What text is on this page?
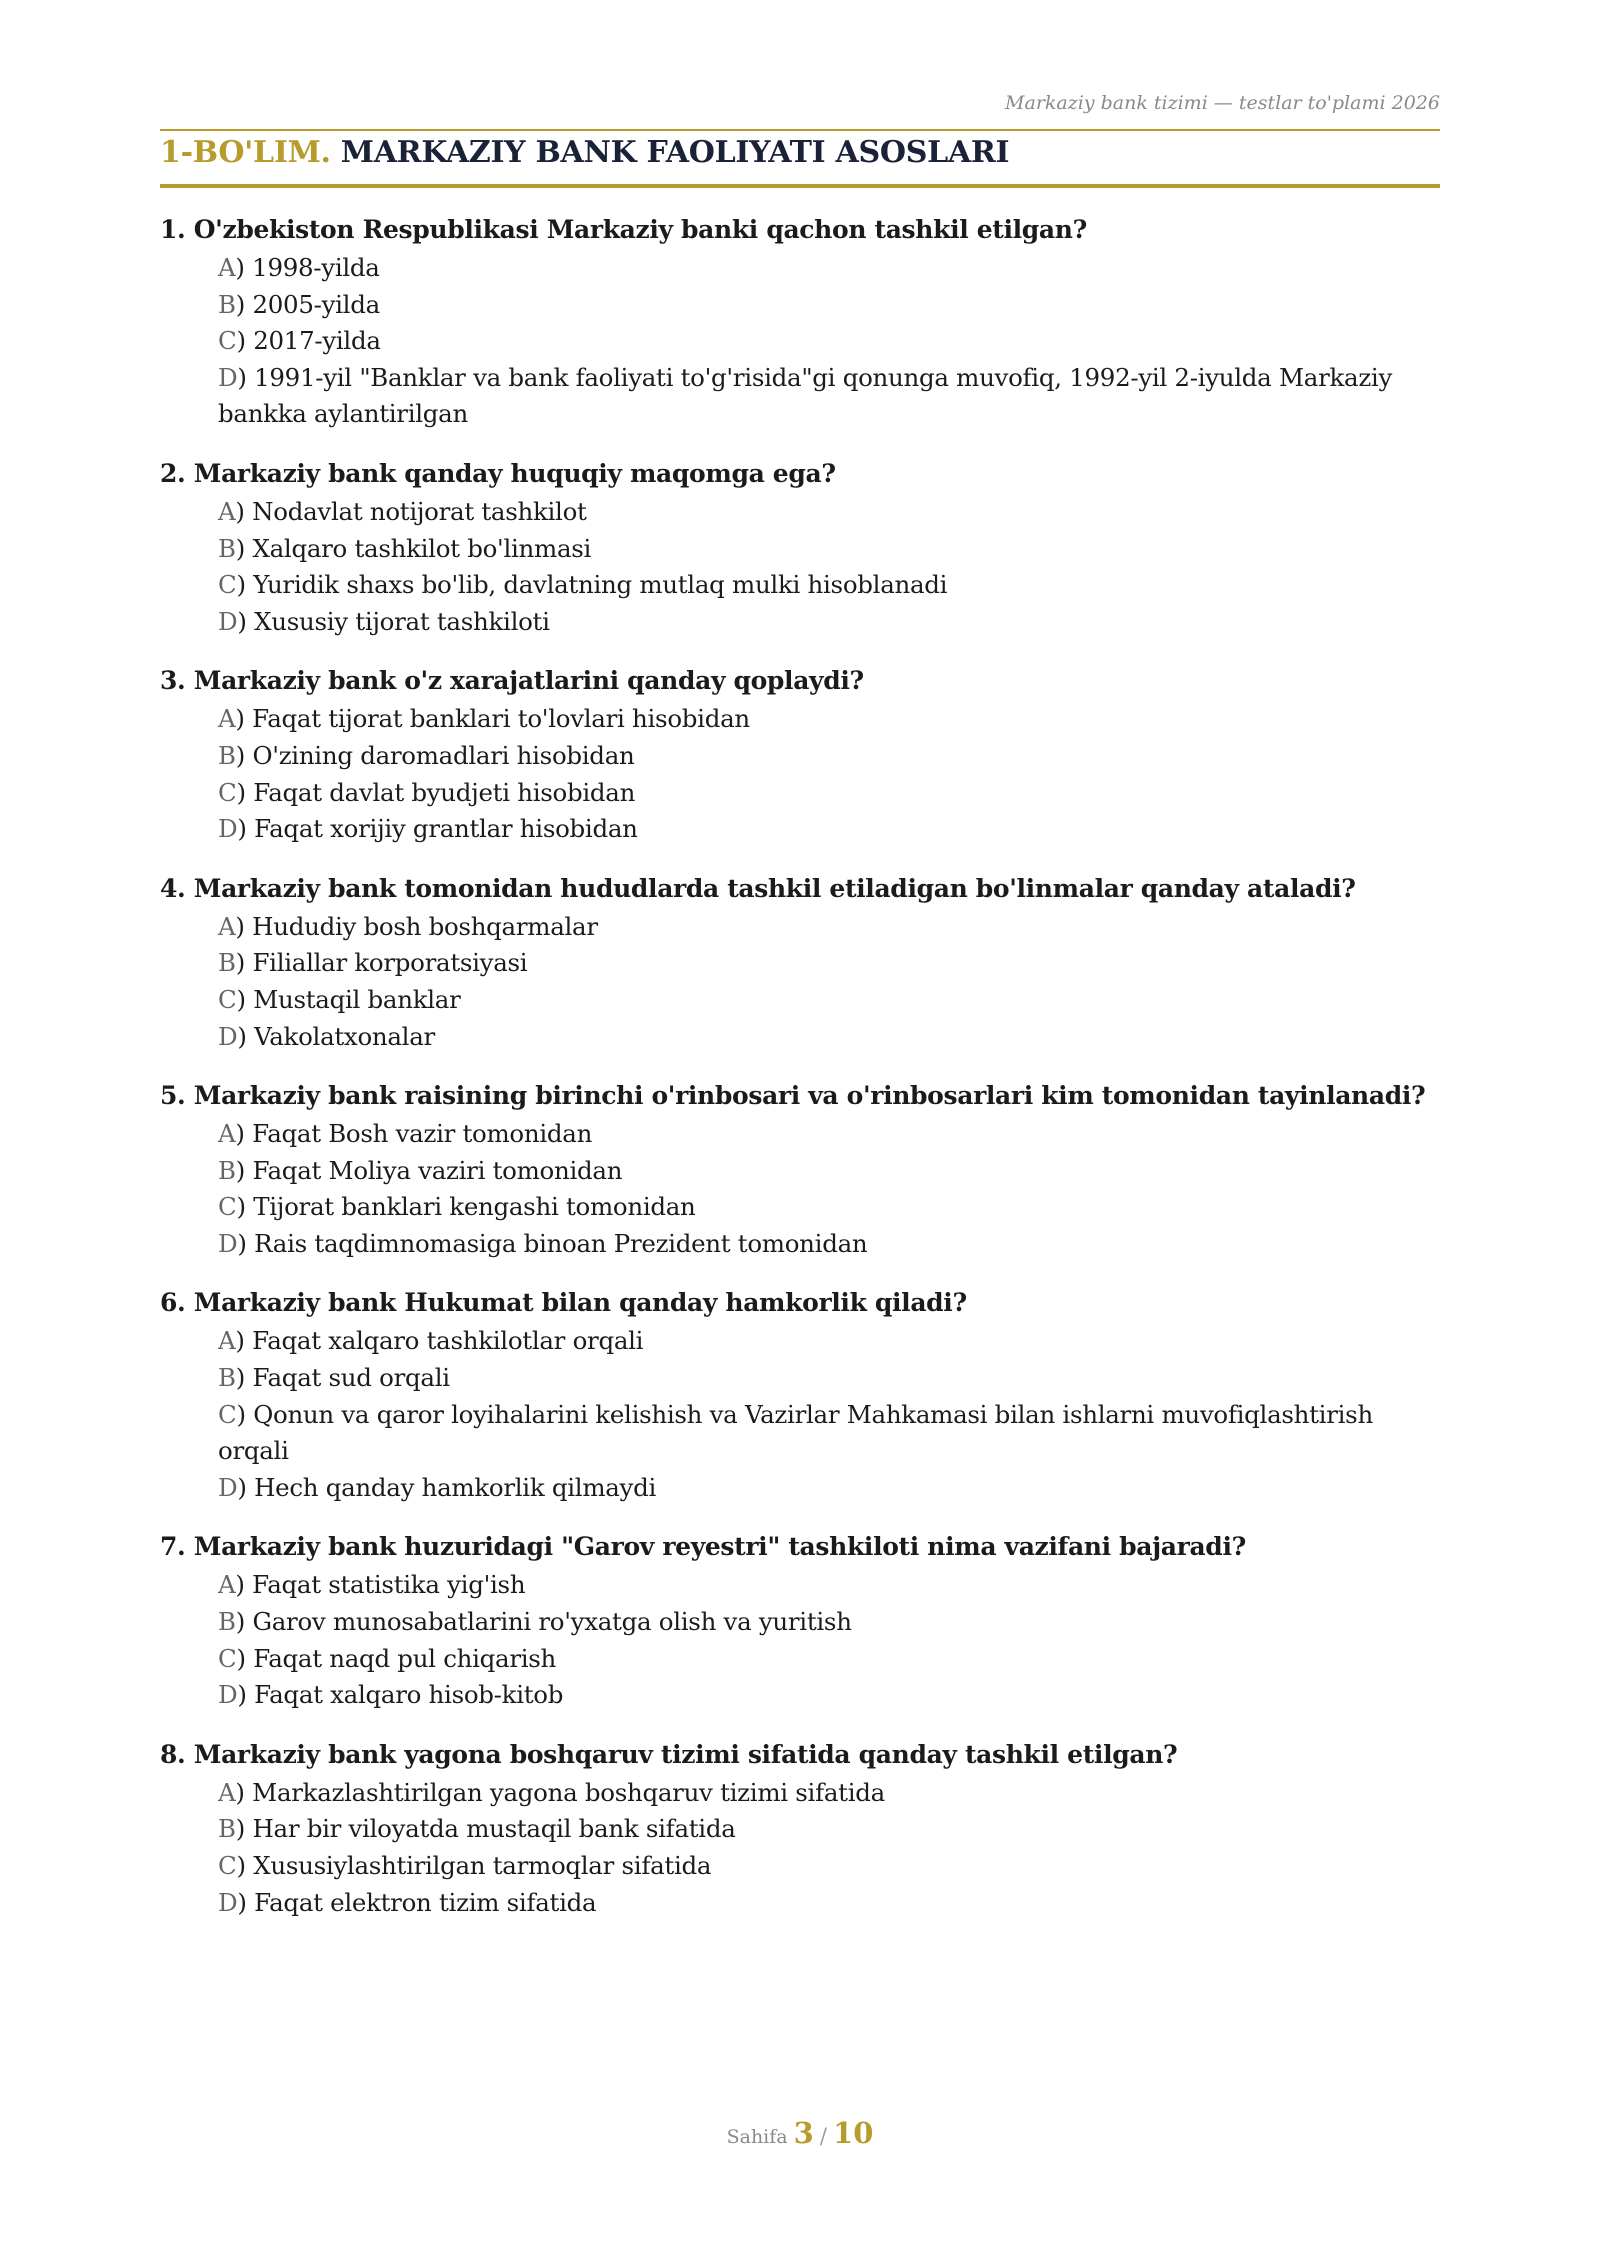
Markaziy bank tizimi — testlar to'plami 2026
1-BO'LIM. MARKAZIY BANK FAOLIYATI ASOSLARI
1. O'zbekiston Respublikasi Markaziy banki qachon tashkil etilgan?
A) 1998-yilda
B) 2005-yilda
C) 2017-yilda
D) 1991-yil "Banklar va bank faoliyati to'g'risida"gi qonunga muvofiq, 1992-yil 2-iyulda Markaziy bankka aylantirilgan
2. Markaziy bank qanday huquqiy maqomga ega?
A) Nodavlat notijorat tashkilot
B) Xalqaro tashkilot bo'linmasi
C) Yuridik shaxs bo'lib, davlatning mutlaq mulki hisoblanadi
D) Xususiy tijorat tashkiloti
3. Markaziy bank o'z xarajatlarini qanday qoplaydi?
A) Faqat tijorat banklari to'lovlari hisobidan
B) O'zining daromadlari hisobidan
C) Faqat davlat byudjeti hisobidan
D) Faqat xorijiy grantlar hisobidan
4. Markaziy bank tomonidan hududlarda tashkil etiladigan bo'linmalar qanday ataladi?
A) Hududiy bosh boshqarmalar
B) Filiallar korporatsiyasi
C) Mustaqil banklar
D) Vakolatxonalar
5. Markaziy bank raisining birinchi o'rinbosari va o'rinbosarlari kim tomonidan tayinlanadi?
A) Faqat Bosh vazir tomonidan
B) Faqat Moliya vaziri tomonidan
C) Tijorat banklari kengashi tomonidan
D) Rais taqdimnomasiga binoan Prezident tomonidan
6. Markaziy bank Hukumat bilan qanday hamkorlik qiladi?
A) Faqat xalqaro tashkilotlar orqali
B) Faqat sud orqali
C) Qonun va qaror loyihalarini kelishish va Vazirlar Mahkamasi bilan ishlarni muvofiqlashtirish orqali
D) Hech qanday hamkorlik qilmaydi
7. Markaziy bank huzuridagi "Garov reyestri" tashkiloti nima vazifani bajaradi?
A) Faqat statistika yig'ish
B) Garov munosabatlarini ro'yxatga olish va yuritish
C) Faqat naqd pul chiqarish
D) Faqat xalqaro hisob-kitob
8. Markaziy bank yagona boshqaruv tizimi sifatida qanday tashkil etilgan?
A) Markazlashtirilgan yagona boshqaruv tizimi sifatida
B) Har bir viloyatda mustaqil bank sifatida
C) Xususiylashtirilgan tarmoqlar sifatida
D) Faqat elektron tizim sifatida
Sahifa 3 / 10
